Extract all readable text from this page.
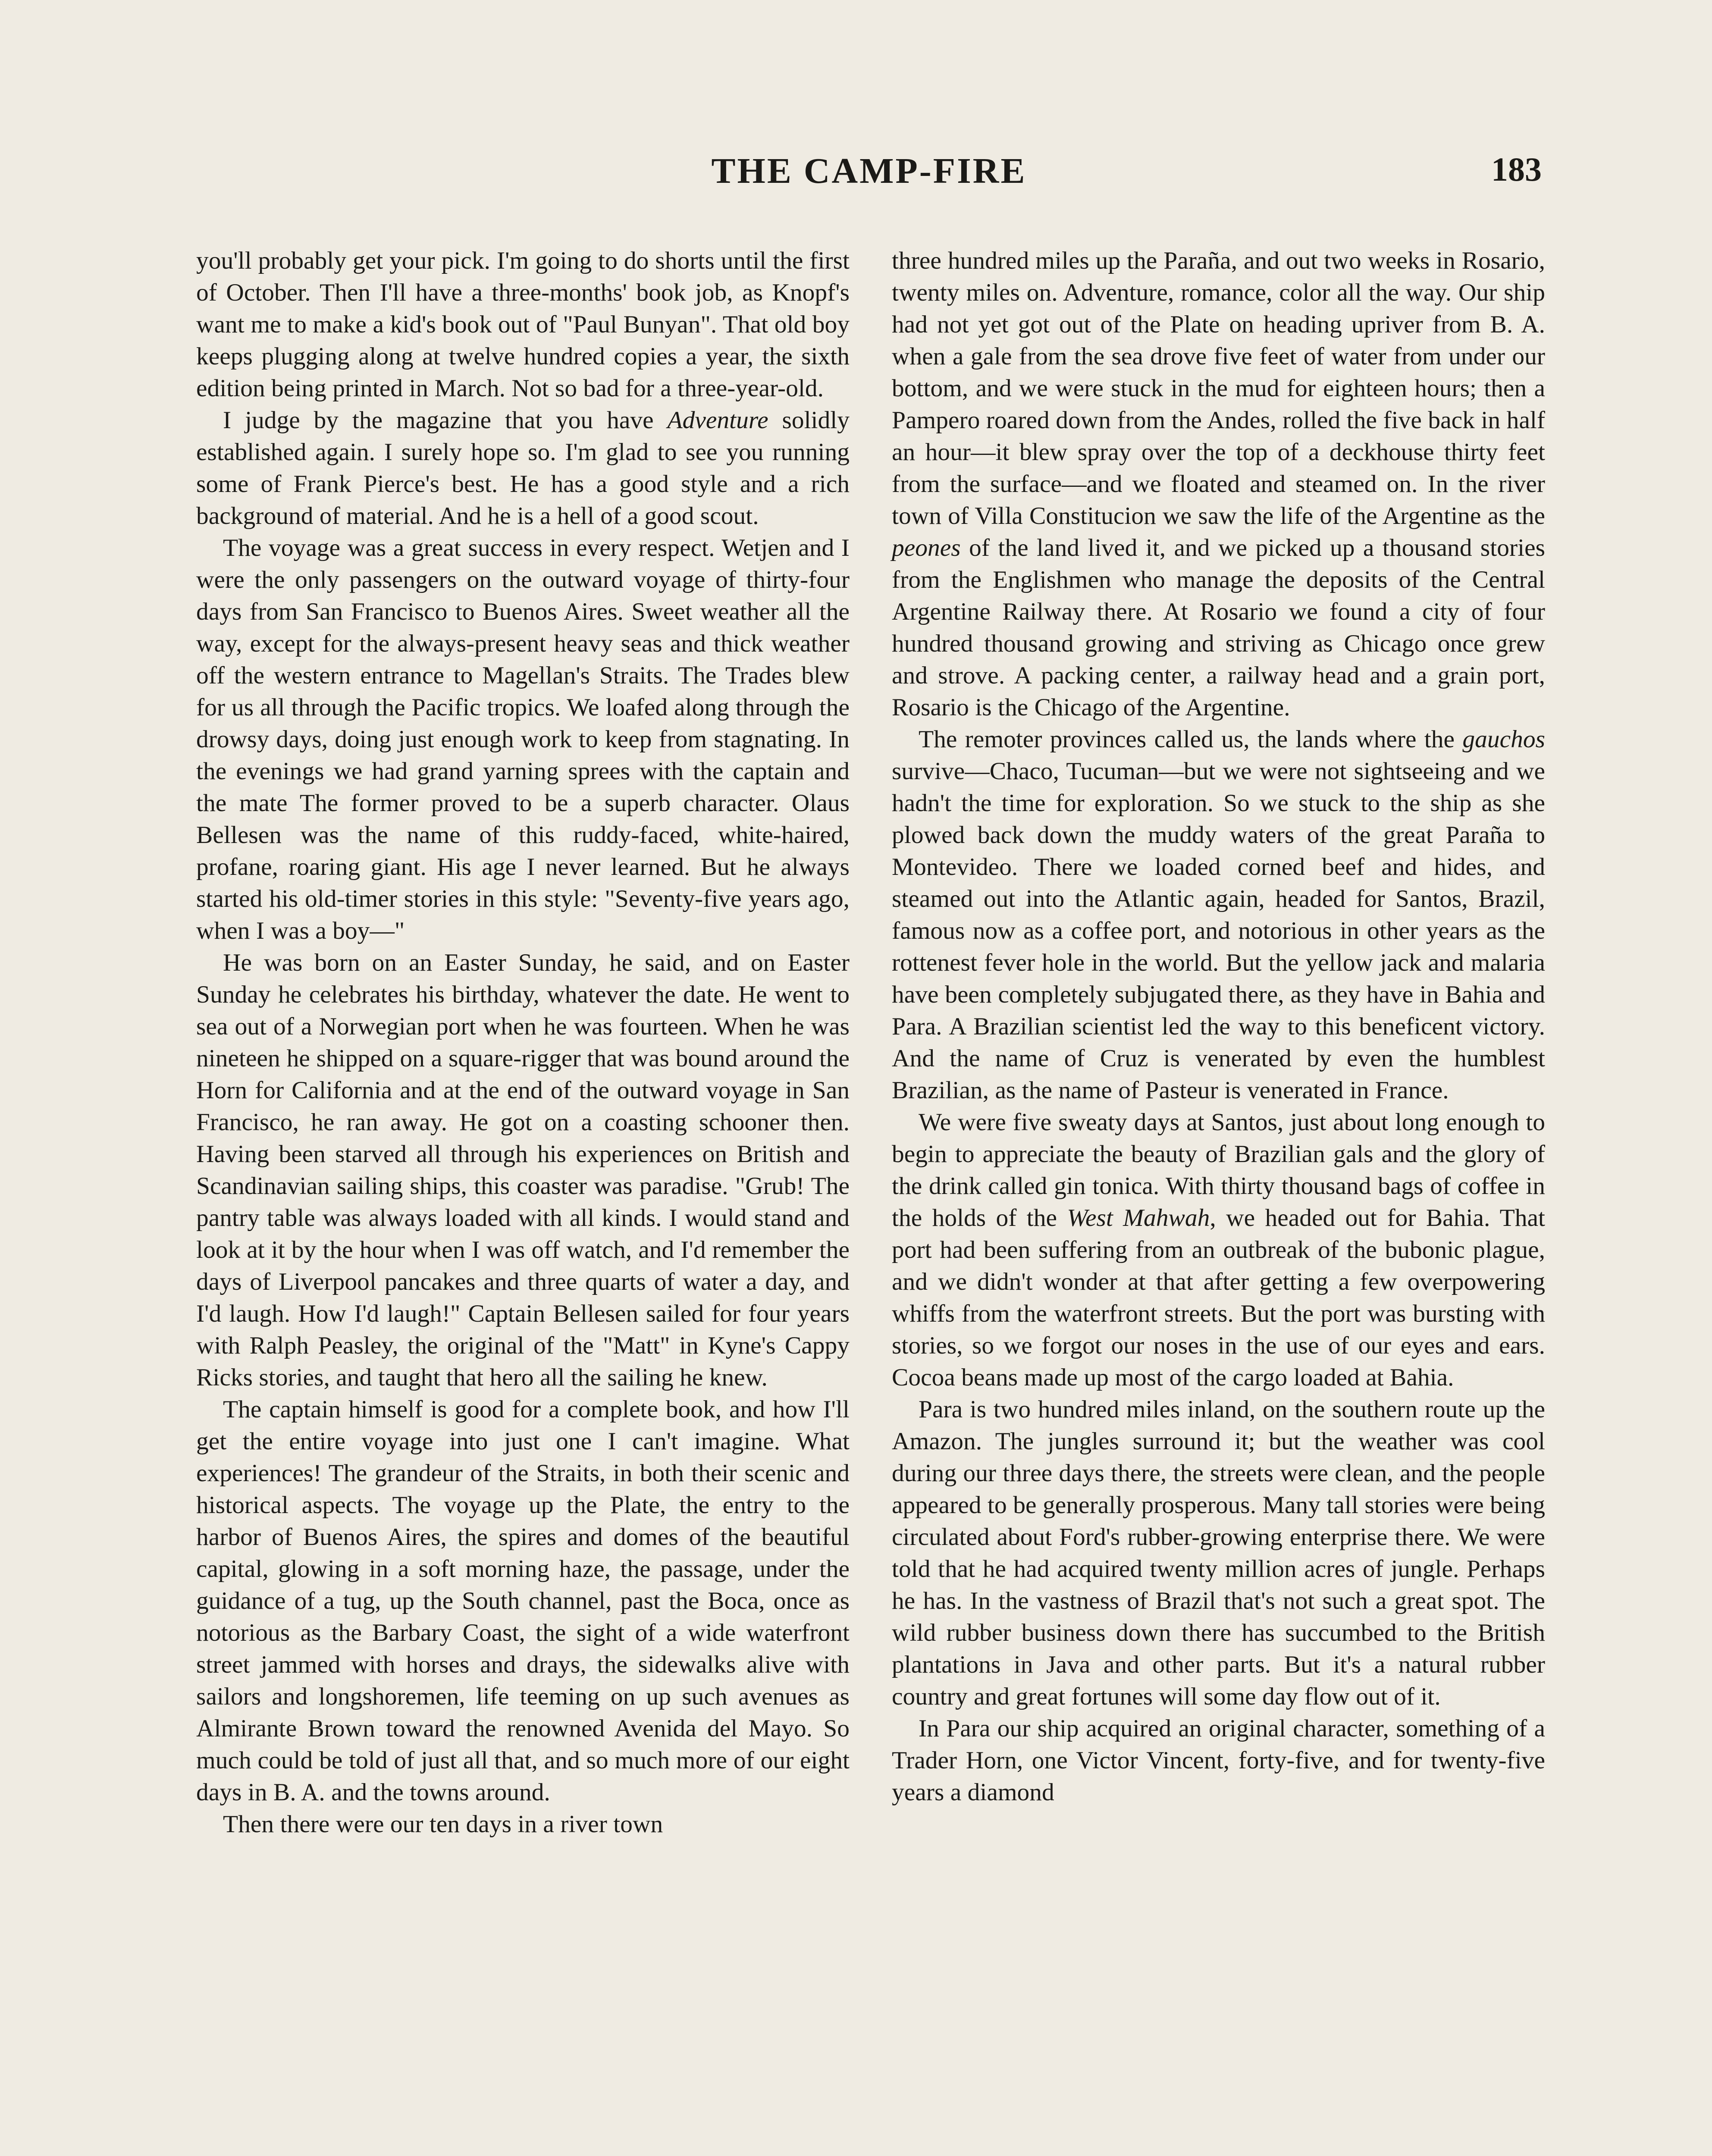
THE CAMP-FIRE	183

you'll probably get your pick. I'm going to do shorts until the first of October. Then I'll have a three-months' book job, as Knopf's want me to make a kid's book out of "Paul Bunyan". That old boy keeps plugging along at twelve hundred copies a year, the sixth edition being printed in March. Not so bad for a three-year-old.

I judge by the magazine that you have Adventure solidly established again. I surely hope so. I'm glad to see you running some of Frank Pierce's best. He has a good style and a rich background of material. And he is a hell of a good scout.

The voyage was a great success in every respect. Wetjen and I were the only passengers on the outward voyage of thirty-four days from San Francisco to Buenos Aires. Sweet weather all the way, except for the always-present heavy seas and thick weather off the western entrance to Magellan's Straits. The Trades blew for us all through the Pacific tropics. We loafed along through the drowsy days, doing just enough work to keep from stagnating. In the evenings we had grand yarning sprees with the captain and the mate The former proved to be a superb character. Olaus Bellesen was the name of this ruddy-faced, white-haired, profane, roaring giant. His age I never learned. But he always started his old-timer stories in this style: "Seventy-five years ago, when I was a boy—"

He was born on an Easter Sunday, he said, and on Easter Sunday he celebrates his birthday, whatever the date. He went to sea out of a Norwegian port when he was fourteen. When he was nineteen he shipped on a square-rigger that was bound around the Horn for California and at the end of the outward voyage in San Francisco, he ran away. He got on a coasting schooner then. Having been starved all through his experiences on British and Scandinavian sailing ships, this coaster was paradise. "Grub! The pantry table was always loaded with all kinds. I would stand and look at it by the hour when I was off watch, and I'd remember the days of Liverpool pancakes and three quarts of water a day, and I'd laugh. How I'd laugh!" Captain Bellesen sailed for four years with Ralph Peasley, the original of the "Matt" in Kyne's Cappy Ricks stories, and taught that hero all the sailing he knew.

The captain himself is good for a complete book, and how I'll get the entire voyage into just one I can't imagine. What experiences! The grandeur of the Straits, in both their scenic and historical aspects. The voyage up the Plate, the entry to the harbor of Buenos Aires, the spires and domes of the beautiful capital, glowing in a soft morning haze, the passage, under the guidance of a tug, up the South channel, past the Boca, once as notorious as the Barbary Coast, the sight of a wide waterfront street jammed with horses and drays, the sidewalks alive with sailors and longshoremen, life teeming on up such avenues as Almirante Brown toward the renowned Avenida del Mayo. So much could be told of just all that, and so much more of our eight days in B. A. and the towns around.

Then there were our ten days in a river town

three hundred miles up the Paraña, and out two weeks in Rosario, twenty miles on. Adventure, romance, color all the way. Our ship had not yet got out of the Plate on heading upriver from B. A. when a gale from the sea drove five feet of water from under our bottom, and we were stuck in the mud for eighteen hours; then a Pampero roared down from the Andes, rolled the five back in half an hour—it blew spray over the top of a deckhouse thirty feet from the surface—and we floated and steamed on. In the river town of Villa Constitucion we saw the life of the Argentine as the peones of the land lived it, and we picked up a thousand stories from the Englishmen who manage the deposits of the Central Argentine Railway there. At Rosario we found a city of four hundred thousand growing and striving as Chicago once grew and strove. A packing center, a railway head and a grain port, Rosario is the Chicago of the Argentine.

The remoter provinces called us, the lands where the gauchos survive—Chaco, Tucuman—but we were not sightseeing and we hadn't the time for exploration. So we stuck to the ship as she plowed back down the muddy waters of the great Paraña to Montevideo. There we loaded corned beef and hides, and steamed out into the Atlantic again, headed for Santos, Brazil, famous now as a coffee port, and notorious in other years as the rottenest fever hole in the world. But the yellow jack and malaria have been completely subjugated there, as they have in Bahia and Para. A Brazilian scientist led the way to this beneficent victory. And the name of Cruz is venerated by even the humblest Brazilian, as the name of Pasteur is venerated in France.

We were five sweaty days at Santos, just about long enough to begin to appreciate the beauty of Brazilian gals and the glory of the drink called gin tonica. With thirty thousand bags of coffee in the holds of the West Mahwah, we headed out for Bahia. That port had been suffering from an outbreak of the bubonic plague, and we didn't wonder at that after getting a few overpowering whiffs from the waterfront streets. But the port was bursting with stories, so we forgot our noses in the use of our eyes and ears. Cocoa beans made up most of the cargo loaded at Bahia.

Para is two hundred miles inland, on the southern route up the Amazon. The jungles surround it; but the weather was cool during our three days there, the streets were clean, and the people appeared to be generally prosperous. Many tall stories were being circulated about Ford's rubber-growing enterprise there. We were told that he had acquired twenty million acres of jungle. Perhaps he has. In the vastness of Brazil that's not such a great spot. The wild rubber business down there has succumbed to the British plantations in Java and other parts. But it's a natural rubber country and great fortunes will some day flow out of it.

In Para our ship acquired an original character, something of a Trader Horn, one Victor Vincent, forty-five, and for twenty-five years a diamond
